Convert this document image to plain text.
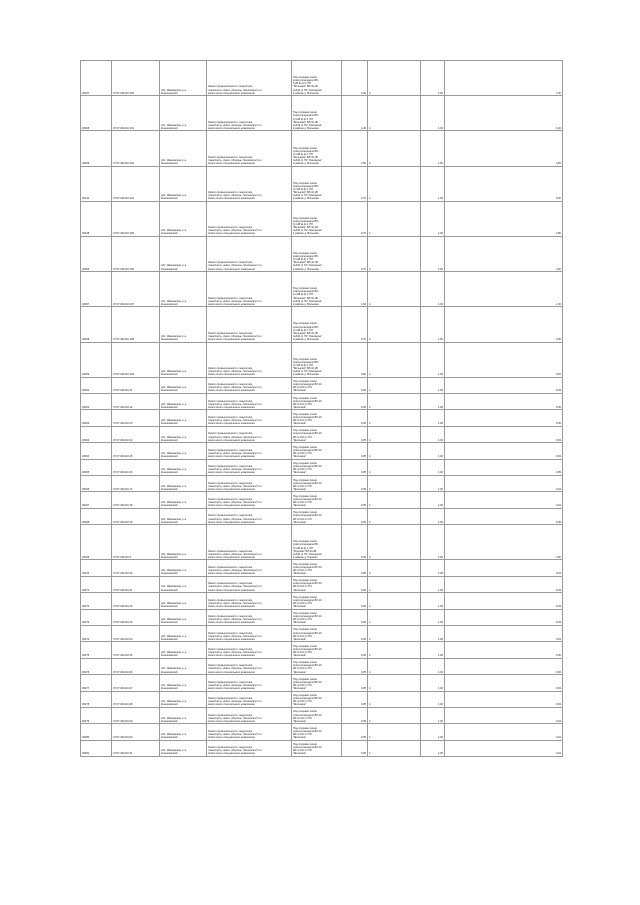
36207	37:07:031216:100
обл. Ивановская, р-н
Кинешемский
Земли промышленности, энергетики,
транспорта, связи, обороны, безопасности и
земли иного специального назначения
Под опорами линии
электропередачи ВЛ-
6 кВ ф.ф.2 (ТП
"Вольково" ВЛ-10 кВ
№434 от ПС "Шилекша"
в районе д. Вольково	4,00 4	1,00	4,00
36208	37:07:031216:101
обл. Ивановская, р-н
Кинешемский
Земли промышленности, энергетики,
транспорта, связи, обороны, безопасности и
земли иного специального назначения
Под опорами линии
электропередачи ВЛ-
0,4 кВ ф.ф.2 (ТП
"Вольково" ВЛ-10 кВ
№434 от ПС "Шилекша"
в районе д. Вольково	4,40 4	1,00	4,40
36209	37:07:031216:102
обл. Ивановская, р-н
Кинешемский
Земли промышленности, энергетики,
транспорта, связи, обороны, безопасности и
земли иного специального назначения
Под опорами линии
электропередачи ВЛ-
0,4 кВ ф.ф.2 (ТП
"Вольково" ВЛ-10 кВ
№434 от ПС "Шилекша"
в районе д. Вольково	2,50 4	1,00	4,50
36210	37:07:031216:104
обл. Ивановская, р-н
Кинешемский
Земли промышленности, энергетики,
транспорта, связи, обороны, безопасности и
земли иного специального назначения
Под опорами линии
электропередачи ВЛ-
0,4 кВ ф.ф.1 (ТП
"Вольково" ВЛ-10 кВ
№434 от ПС "Шилекша"
в районе д. Вольково	0,70 4	1,00	0,50
36228	37:07:031216:105
обл. Ивановская, р-н
Кинешемский
Земли промышленности, энергетики,
транспорта, связи, обороны, безопасности и
земли иного специального назначения
Под опорами линии
электропередачи ВЛ-
0,4 кВ ф.ф.1 (ТП
"Вольково" ВЛ-10 кВ
№434 от ПС "Шилекша"
в районе д. Вольково	0,70 4	1,00	0,80
36256	37:07:031216:106
обл. Ивановская, р-н
Кинешемский
Земли промышленности, энергетики,
транспорта, связи, обороны, безопасности и
земли иного специального назначения
Под опорами линии
электропередачи ВЛ-
0,4 кВ ф.ф.1 (ТП
"Вольково" ВЛ-10 кВ
№434 от ПС "Шилекша"
в районе д. Вольково	0,70 4	1,00	0,60
36257	37:07:031216:107
обл. Ивановская, р-н
Кинешемский
Земли промышленности, энергетики,
транспорта, связи, обороны, безопасности и
земли иного специального назначения
Под опорами линии
электропередачи ВЛ-
0,4 кВ ф.ф.1 (ТП
"Вольково" ВЛ-10 кВ
№434 от ПС "Шилекша"
в районе д. Вольково	1,60 4	1,00	1,30
36258	37:07:031216:108
обл. Ивановская, р-н
Кинешемский
Земли промышленности, энергетики,
транспорта, связи, обороны, безопасности и
земли иного специального назначения
Под опорами линии
электропередачи ВЛ-
0,4 кВ ф.ф.1 (ТП
"Вольково" ВЛ-10 кВ
№434 от ПС "Шилекша"
в районе д. Вольково	0,70 4	1,00	0,60
36259	37:07:031216:109
обл. Ивановская, р-н
Кинешемский
Земли промышленности, энергетики,
транспорта, связи, обороны, безопасности и
земли иного специального назначения
Под опорами линии
электропередачи ВЛ-
0,4 кВ ф.ф.1 (ТП
"Вольково" ВЛ-10 кВ
№434 от ПС "Шилекша"
в районе д. Вольково	0,80 4	1,00	0,62
36260	37:07:031216:11
обл. Ивановская, р-н
Кинешемский
Земли промышленности, энергетики,
транспорта, связи, обороны, безопасности и
земли иного специального назначения
Под опорами линии
электропередачи ВЛ-10
кВ № 104 от ПС
"Шилекша"	0,05 4	1,00	0,04
36261	37:07:031216:12
обл. Ивановская, р-н
Кинешемский
Земли промышленности, энергетики,
транспорта, связи, обороны, безопасности и
земли иного специального назначения
Под опорами линии
электропередачи ВЛ-10
кВ № 104 от ПС
"Шилекша"	0,05 4	1,00	0,05
36262	37:07:031216:13
обл. Ивановская, р-н
Кинешемский
Земли промышленности, энергетики,
транспорта, связи, обороны, безопасности и
земли иного специального назначения
Под опорами линии
электропередачи ВЛ-10
кВ № 104 от ПС
"Шилекша"	0,05 4	1,00	0,05
36263	37:07:031216:14
обл. Ивановская, р-н
Кинешемский
Земли промышленности, энергетики,
транспорта, связи, обороны, безопасности и
земли иного специального назначения
Под опорами линии
электропередачи ВЛ-10
кВ № 104 от ПС
"Шилекша"	0,05 4	1,00	0,04
36264	37:07:031216:15
обл. Ивановская, р-н
Кинешемский
Земли промышленности, энергетики,
транспорта, связи, обороны, безопасности и
земли иного специального назначения
Под опорами линии
электропередачи ВЛ-10
кВ № 104 от ПС
"Шилекша"	0,05 4	1,00	0,04
36265	37:07:031216:16
обл. Ивановская, р-н
Кинешемский
Земли промышленности, энергетики,
транспорта, связи, обороны, безопасности и
земли иного специального назначения
Под опорами линии
электропередачи ВЛ-10
кВ № 104 от ПС
"Шилекша"	0,05 4	1,00	0,05
36266	37:07:031216:17
обл. Ивановская, р-н
Кинешемский
Земли промышленности, энергетики,
транспорта, связи, обороны, безопасности и
земли иного специального назначения
Под опорами линии
электропередачи ВЛ-10
кВ № 104 от ПС
"Шилекша"	0,05 4	1,00	0,04
36267	37:07:031216:18
обл. Ивановская, р-н
Кинешемский
Земли промышленности, энергетики,
транспорта, связи, обороны, безопасности и
земли иного специального назначения
Под опорами линии
электропередачи ВЛ-10
кВ № 104 от ПС
"Шилекша"	0,05 4	1,00	0,04
36268	37:07:031216:19
обл. Ивановская, р-н
Кинешемский
Земли промышленности, энергетики,
транспорта, связи, обороны, безопасности и
земли иного специального назначения
Под опорами линии
электропередачи ВЛ-10
кВ № 104 от ПС
"Шилекша"	0,05 4	1,00	0,06
36269	37:07:031216:2
обл. Ивановская, р-н
Кинешемский
Земли промышленности, энергетики,
транспорта, связи, обороны, безопасности и
земли иного специального назначения
Под опорами линии
электропередачи ВЛ-
0,4 кВ ф.ф.1 (ТП
"Родники" ВЛ-10 кВ
№434 от ПС "Шилекша"
в районе д. Родники	3,00 4	1,00	3,60
36270	37:07:031216:20
обл. Ивановская, р-н
Кинешемский
Земли промышленности, энергетики,
транспорта, связи, обороны, безопасности и
земли иного специального назначения
Под опорами линии
электропередачи ВЛ-10
кВ № 104 от ПС
"Шилекша"	0,05 4	1,00	0,04
36271	37:07:031216:21
обл. Ивановская, р-н
Кинешемский
Земли промышленности, энергетики,
транспорта, связи, обороны, безопасности и
земли иного специального назначения
Под опорами линии
электропередачи ВЛ-10
кВ № 104 от ПС
"Шилекша"	0,05 4	1,00	0,04
36272	37:07:031216:22
обл. Ивановская, р-н
Кинешемский
Земли промышленности, энергетики,
транспорта, связи, обороны, безопасности и
земли иного специального назначения
Под опорами линии
электропередачи ВЛ-10
кВ № 104 от ПС
"Шилекша"	0,05 4	1,00	0,04
36273	37:07:031216:23
обл. Ивановская, р-н
Кинешемский
Земли промышленности, энергетики,
транспорта, связи, обороны, безопасности и
земли иного специального назначения
Под опорами линии
электропередачи ВЛ-10
кВ № 104 от ПС
"Шилекша"	0,05 4	1,00	0,04
36274	37:07:031216:24
обл. Ивановская, р-н
Кинешемский
Земли промышленности, энергетики,
транспорта, связи, обороны, безопасности и
земли иного специального назначения
Под опорами линии
электропередачи ВЛ-10
кВ № 104 от ПС
"Шилекша"	0,05 4	1,00	0,04
36275	37:07:031216:25
обл. Ивановская, р-н
Кинешемский
Земли промышленности, энергетики,
транспорта, связи, обороны, безопасности и
земли иного специального назначения
Под опорами линии
электропередачи ВЛ-10
кВ № 104 от ПС
"Шилекша"	0,05 4	1,00	0,06
36276	37:07:031216:26
обл. Ивановская, р-н
Кинешемский
Земли промышленности, энергетики,
транспорта, связи, обороны, безопасности и
земли иного специального назначения
Под опорами линии
электропередачи ВЛ-10
кВ № 104 от ПС
"Шилекша"	0,05 4	1,00	0,06
36277	37:07:031216:27
обл. Ивановская, р-н
Кинешемский
Земли промышленности, энергетики,
транспорта, связи, обороны, безопасности и
земли иного специального назначения
Под опорами линии
электропередачи ВЛ-10
кВ № 104 от ПС
"Шилекша"	0,05 4	1,00	0,04
36278	37:07:031216:28
обл. Ивановская, р-н
Кинешемский
Земли промышленности, энергетики,
транспорта, связи, обороны, безопасности и
земли иного специального назначения
Под опорами линии
электропередачи ВЛ-10
кВ № 104 от ПС
"Шилекша"	0,05 4	1,00	0,04
36279	37:07:031216:29
обл. Ивановская, р-н
Кинешемский
Земли промышленности, энергетики,
транспорта, связи, обороны, безопасности и
земли иного специального назначения
Под опорами линии
электропередачи ВЛ-10
кВ № 104 от ПС
"Шилекша"	0,05 4	1,00	0,04
36280	37:07:031216:30
обл. Ивановская, р-н
Кинешемский
Земли промышленности, энергетики,
транспорта, связи, обороны, безопасности и
земли иного специального назначения
Под опорами линии
электропередачи ВЛ-10
кВ № 104 от ПС
"Шилекша"	0,05 4	1,00	0,04
36281	37:07:031216:31
обл. Ивановская, р-н
Кинешемский
Земли промышленности, энергетики,
транспорта, связи, обороны, безопасности и
земли иного специального назначения
Под опорами линии
электропередачи ВЛ-10
кВ № 104 от ПС
"Шилекша"	0,05 4	1,00	0,04
